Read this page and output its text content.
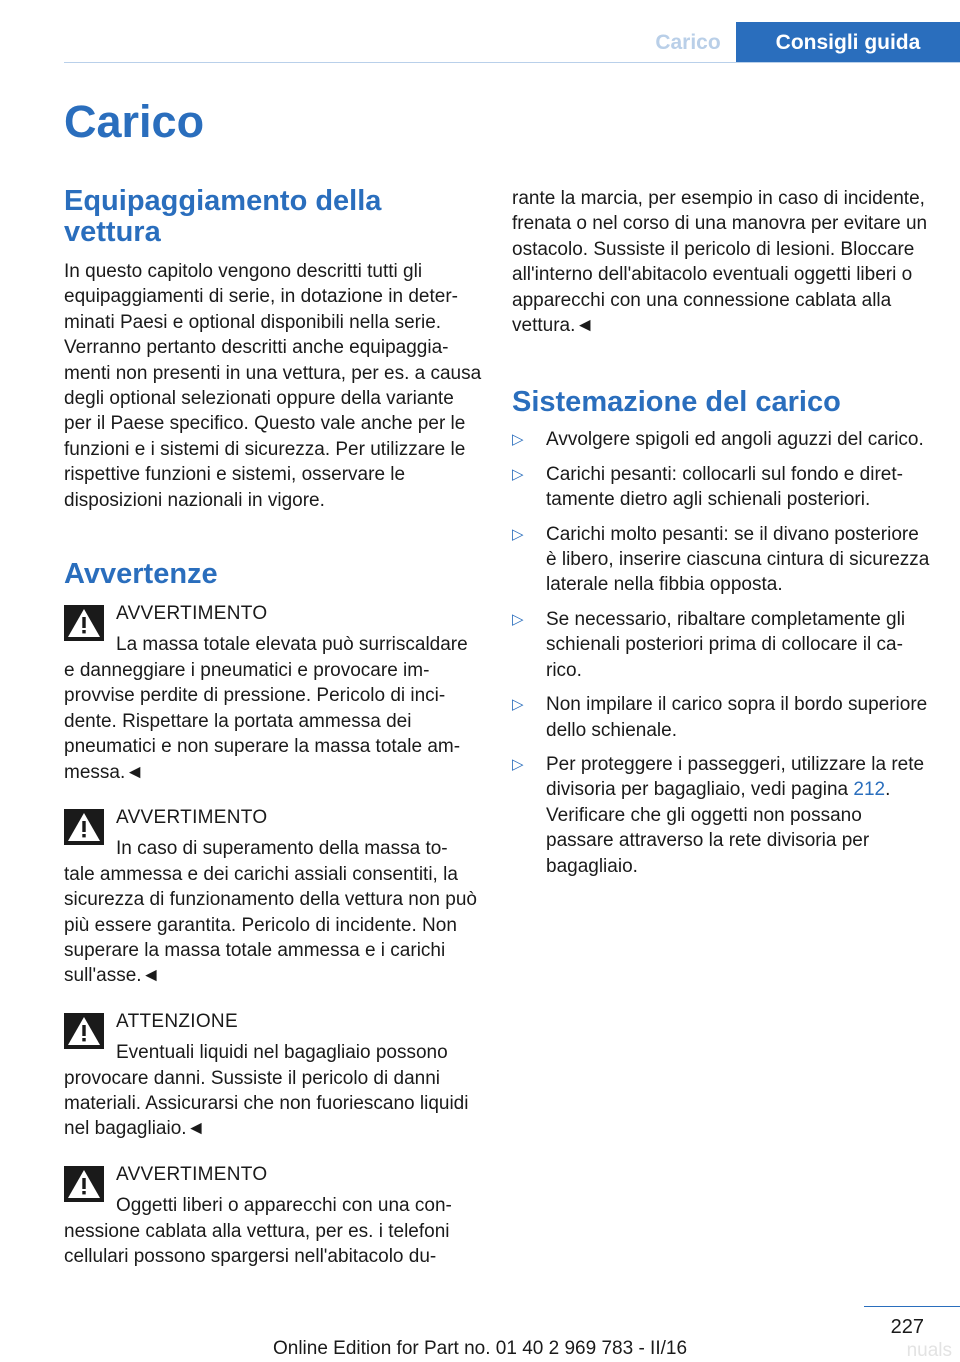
Carico	Consigli guida
Carico
Equipaggiamento della vettura

In questo capitolo vengono descritti tutti gli equipaggiamenti di serie, in dotazione in determinati Paesi e optional disponibili nella serie. Verranno pertanto descritti anche equipaggiamenti non presenti in una vettura, per es. a causa degli optional selezionati oppure della variante per il Paese specifico. Questo vale anche per le funzioni e i sistemi di sicurezza. Per utilizzare le rispettive funzioni e sistemi, osservare le disposizioni nazionali in vigore.

Avvertenze
AVVERTIMENTO
La massa totale elevata può surriscaldare

e danneggiare i pneumatici e provocare improvvise perdite di pressione. Pericolo di incidente. Rispettare la portata ammessa dei pneumatici e non superare la massa totale ammessa.◄

AVVERTIMENTO
In caso di superamento della massa to-

tale ammessa e dei carichi assiali consentiti, la sicurezza di funzionamento della vettura non può più essere garantita. Pericolo di incidente. Non superare la massa totale ammessa e i carichi sull'asse.◄

ATTENZIONE
Eventuali liquidi nel bagagliaio possono

provocare danni. Sussiste il pericolo di danni materiali. Assicurarsi che non fuoriescano liquidi nel bagagliaio.◄

AVVERTIMENTO
Oggetti liberi o apparecchi con una con-

nessione cablata alla vettura, per es. i telefoni cellulari possono spargersi nell'abitacolo du-

rante la marcia, per esempio in caso di incidente, frenata o nel corso di una manovra per evitare un ostacolo. Sussiste il pericolo di lesioni. Bloccare all'interno dell'abitacolo eventuali oggetti liberi o apparecchi con una connessione cablata alla vettura.◄

Sistemazione del carico
▷ Avvolgere spigoli ed angoli aguzzi del carico.
▷ Carichi pesanti: collocarli sul fondo e direttamente dietro agli schienali posteriori.
▷ Carichi molto pesanti: se il divano posteriore è libero, inserire ciascuna cintura di sicurezza laterale nella fibbia opposta.
▷ Se necessario, ribaltare completamente gli schienali posteriori prima di collocare il carico.
▷ Non impilare il carico sopra il bordo superiore dello schienale.
▷ Per proteggere i passeggeri, utilizzare la rete divisoria per bagagliaio, vedi pagina 212. Verificare che gli oggetti non possano passare attraverso la rete divisoria per bagagliaio.
227
Online Edition for Part no. 01 40 2 969 783 - II/16	nuals
